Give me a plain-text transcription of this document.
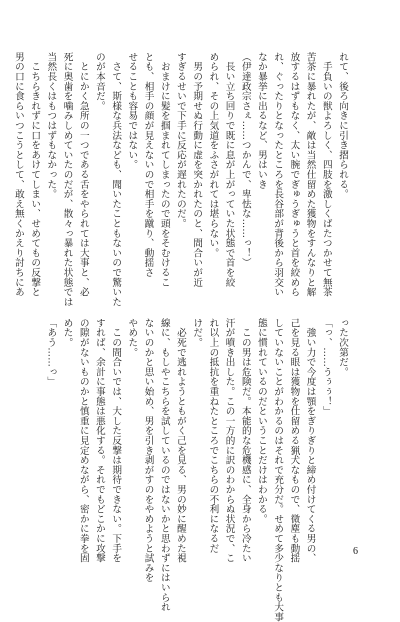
れて、後ろ向きに引き摺られる。
　手負いの獣よろしく、四肢を激しくばたつかせて無茶
苦茶に暴れたが、敵は当然仕留めた獲物をすんなりと解
放するはずもなく、太い腕でぎゅうぎゅうと首を絞めら
れ、ぐったりとなったところを長谷部が背後から羽交い
なか暴挙に出るなど、男はいき
（伊達政宗さぇ……つかんで、卑怯な……っ！）
　長い立ち回りで既に息が上がっていた状態で首を絞
められ、その上気道をふさがれては堪らない。
　男の予期せぬ行動に虚を突かれたのと、間合いが近
すぎるせいで下手に反応が遅れたのだ。
　おまけに髪を掴まれてしまったので頭をそむけるこ
とも、相手の顔が見えないので相手を蹴り、動揺さ
せることも容易ではない。
　さて、斯様な兵法なども、聞いたこともないので驚いた
のが本音だ。
　とにかく急所の一つである舌をやられては大事と、必
死に奥歯を噛みしめていたのだが、散々っ暴れた状態では
当然長くはもつはずもなかった。
　こちらきれずに口をあけてしまい、せめてもの反撃と
男の口に食らいつこうとして、敢え無くかえり討ちにあ
った次第だ。
「っ、……うぅぅ！」
　強い力で今度は顎をぎりぎりと締め付けてくる男の、
己を見る眼は獲物を仕留める猟犬なもので、微塵も動揺
していないことがわかるのはそれで充分だ。せめて多少なりとも大事
態に慣れているのだということだけはわかる。
　この男は危険だ。本能的な危機感に、全身から冷たい
汗が噴き出した。この一方的に訳のわからぬ状況で、こ
れ以上の抵抗を重ねたところでこちらの不利になるだ
けだ。
　必死で逃れようともがく己を見る、男の妙に醒めた視
線に、もしやこちらを試しているのではないかと思わずにはいられ
ないのかと思い始め、男を引き剥がすのをやめようと試みを
やめた。
　この間合いでは、大した反撃は期待できない。下手を
すれば、余計に事態は悪化する。それでもどこかに攻撃
の隙がないものかと慎重に見定めながら、密かに拳を固
めた。
「あう……っ」
6
